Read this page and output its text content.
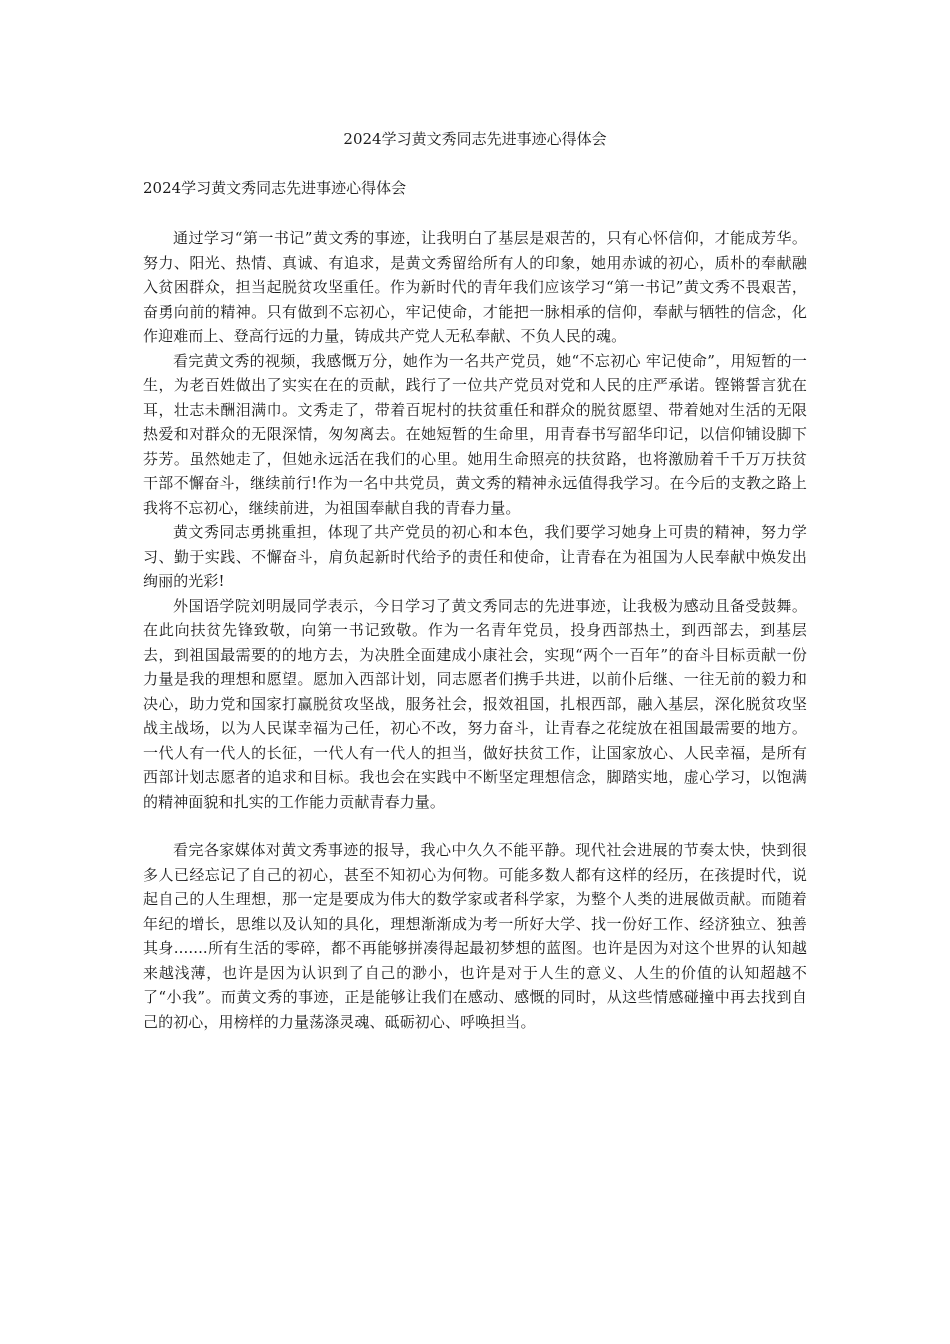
2024学习黄文秀同志先进事迹心得体会
2024学习黄文秀同志先进事迹心得体会

通过学习“第一书记”黄文秀的事迹，让我明白了基层是艰苦的，只有心怀信仰，才能成芳华。努力、阳光、热情、真诚、有追求，是黄文秀留给所有人的印象，她用赤诚的初心，质朴的奉献融入贫困群众，担当起脱贫攻坚重任。作为新时代的青年我们应该学习“第一书记”黄文秀不畏艰苦，奋勇向前的精神。只有做到不忘初心，牢记使命，才能把一脉相承的信仰，奉献与牺牲的信念，化作迎难而上、登高行远的力量，铸成共产党人无私奉献、不负人民的魂。

看完黄文秀的视频，我感慨万分，她作为一名共产党员，她“不忘初心 牢记使命”，用短暂的一生，为老百姓做出了实实在在的贡献，践行了一位共产党员对党和人民的庄严承诺。铿锵誓言犹在耳，壮志未酬泪满巾。文秀走了，带着百坭村的扶贫重任和群众的脱贫愿望、带着她对生活的无限热爱和对群众的无限深情，匆匆离去。在她短暂的生命里，用青春书写韶华印记，以信仰铺设脚下芬芳。虽然她走了，但她永远活在我们的心里。她用生命照亮的扶贫路，也将激励着千千万万扶贫干部不懈奋斗，继续前行!作为一名中共党员，黄文秀的精神永远值得我学习。在今后的支教之路上我将不忘初心，继续前进，为祖国奉献自我的青春力量。

黄文秀同志勇挑重担，体现了共产党员的初心和本色，我们要学习她身上可贵的精神，努力学习、勤于实践、不懈奋斗，肩负起新时代给予的责任和使命，让青春在为祖国为人民奉献中焕发出绚丽的光彩!

外国语学院刘明晟同学表示，今日学习了黄文秀同志的先进事迹，让我极为感动且备受鼓舞。在此向扶贫先锋致敬，向第一书记致敬。作为一名青年党员，投身西部热土，到西部去，到基层去，到祖国最需要的的地方去，为决胜全面建成小康社会，实现“两个一百年”的奋斗目标贡献一份力量是我的理想和愿望。愿加入西部计划，同志愿者们携手共进，以前仆后继、一往无前的毅力和决心，助力党和国家打赢脱贫攻坚战，服务社会，报效祖国，扎根西部，融入基层，深化脱贫攻坚战主战场，以为人民谋幸福为己任，初心不改，努力奋斗，让青春之花绽放在祖国最需要的地方。一代人有一代人的长征，一代人有一代人的担当，做好扶贫工作，让国家放心、人民幸福，是所有西部计划志愿者的追求和目标。我也会在实践中不断坚定理想信念，脚踏实地，虚心学习，以饱满的精神面貌和扎实的工作能力贡献青春力量。

看完各家媒体对黄文秀事迹的报导，我心中久久不能平静。现代社会进展的节奏太快，快到很多人已经忘记了自己的初心，甚至不知初心为何物。可能多数人都有这样的经历，在孩提时代，说起自己的人生理想，那一定是要成为伟大的数学家或者科学家，为整个人类的进展做贡献。而随着年纪的增长，思维以及认知的具化，理想渐渐成为考一所好大学、找一份好工作、经济独立、独善其身.......所有生活的零碎，都不再能够拼凑得起最初梦想的蓝图。也许是因为对这个世界的认知越来越浅薄，也许是因为认识到了自己的渺小，也许是对于人生的意义、人生的价值的认知超越不了“小我”。而黄文秀的事迹，正是能够让我们在感动、感慨的同时，从这些情感碰撞中再去找到自己的初心，用榜样的力量荡涤灵魂、砥砺初心、呼唤担当。
